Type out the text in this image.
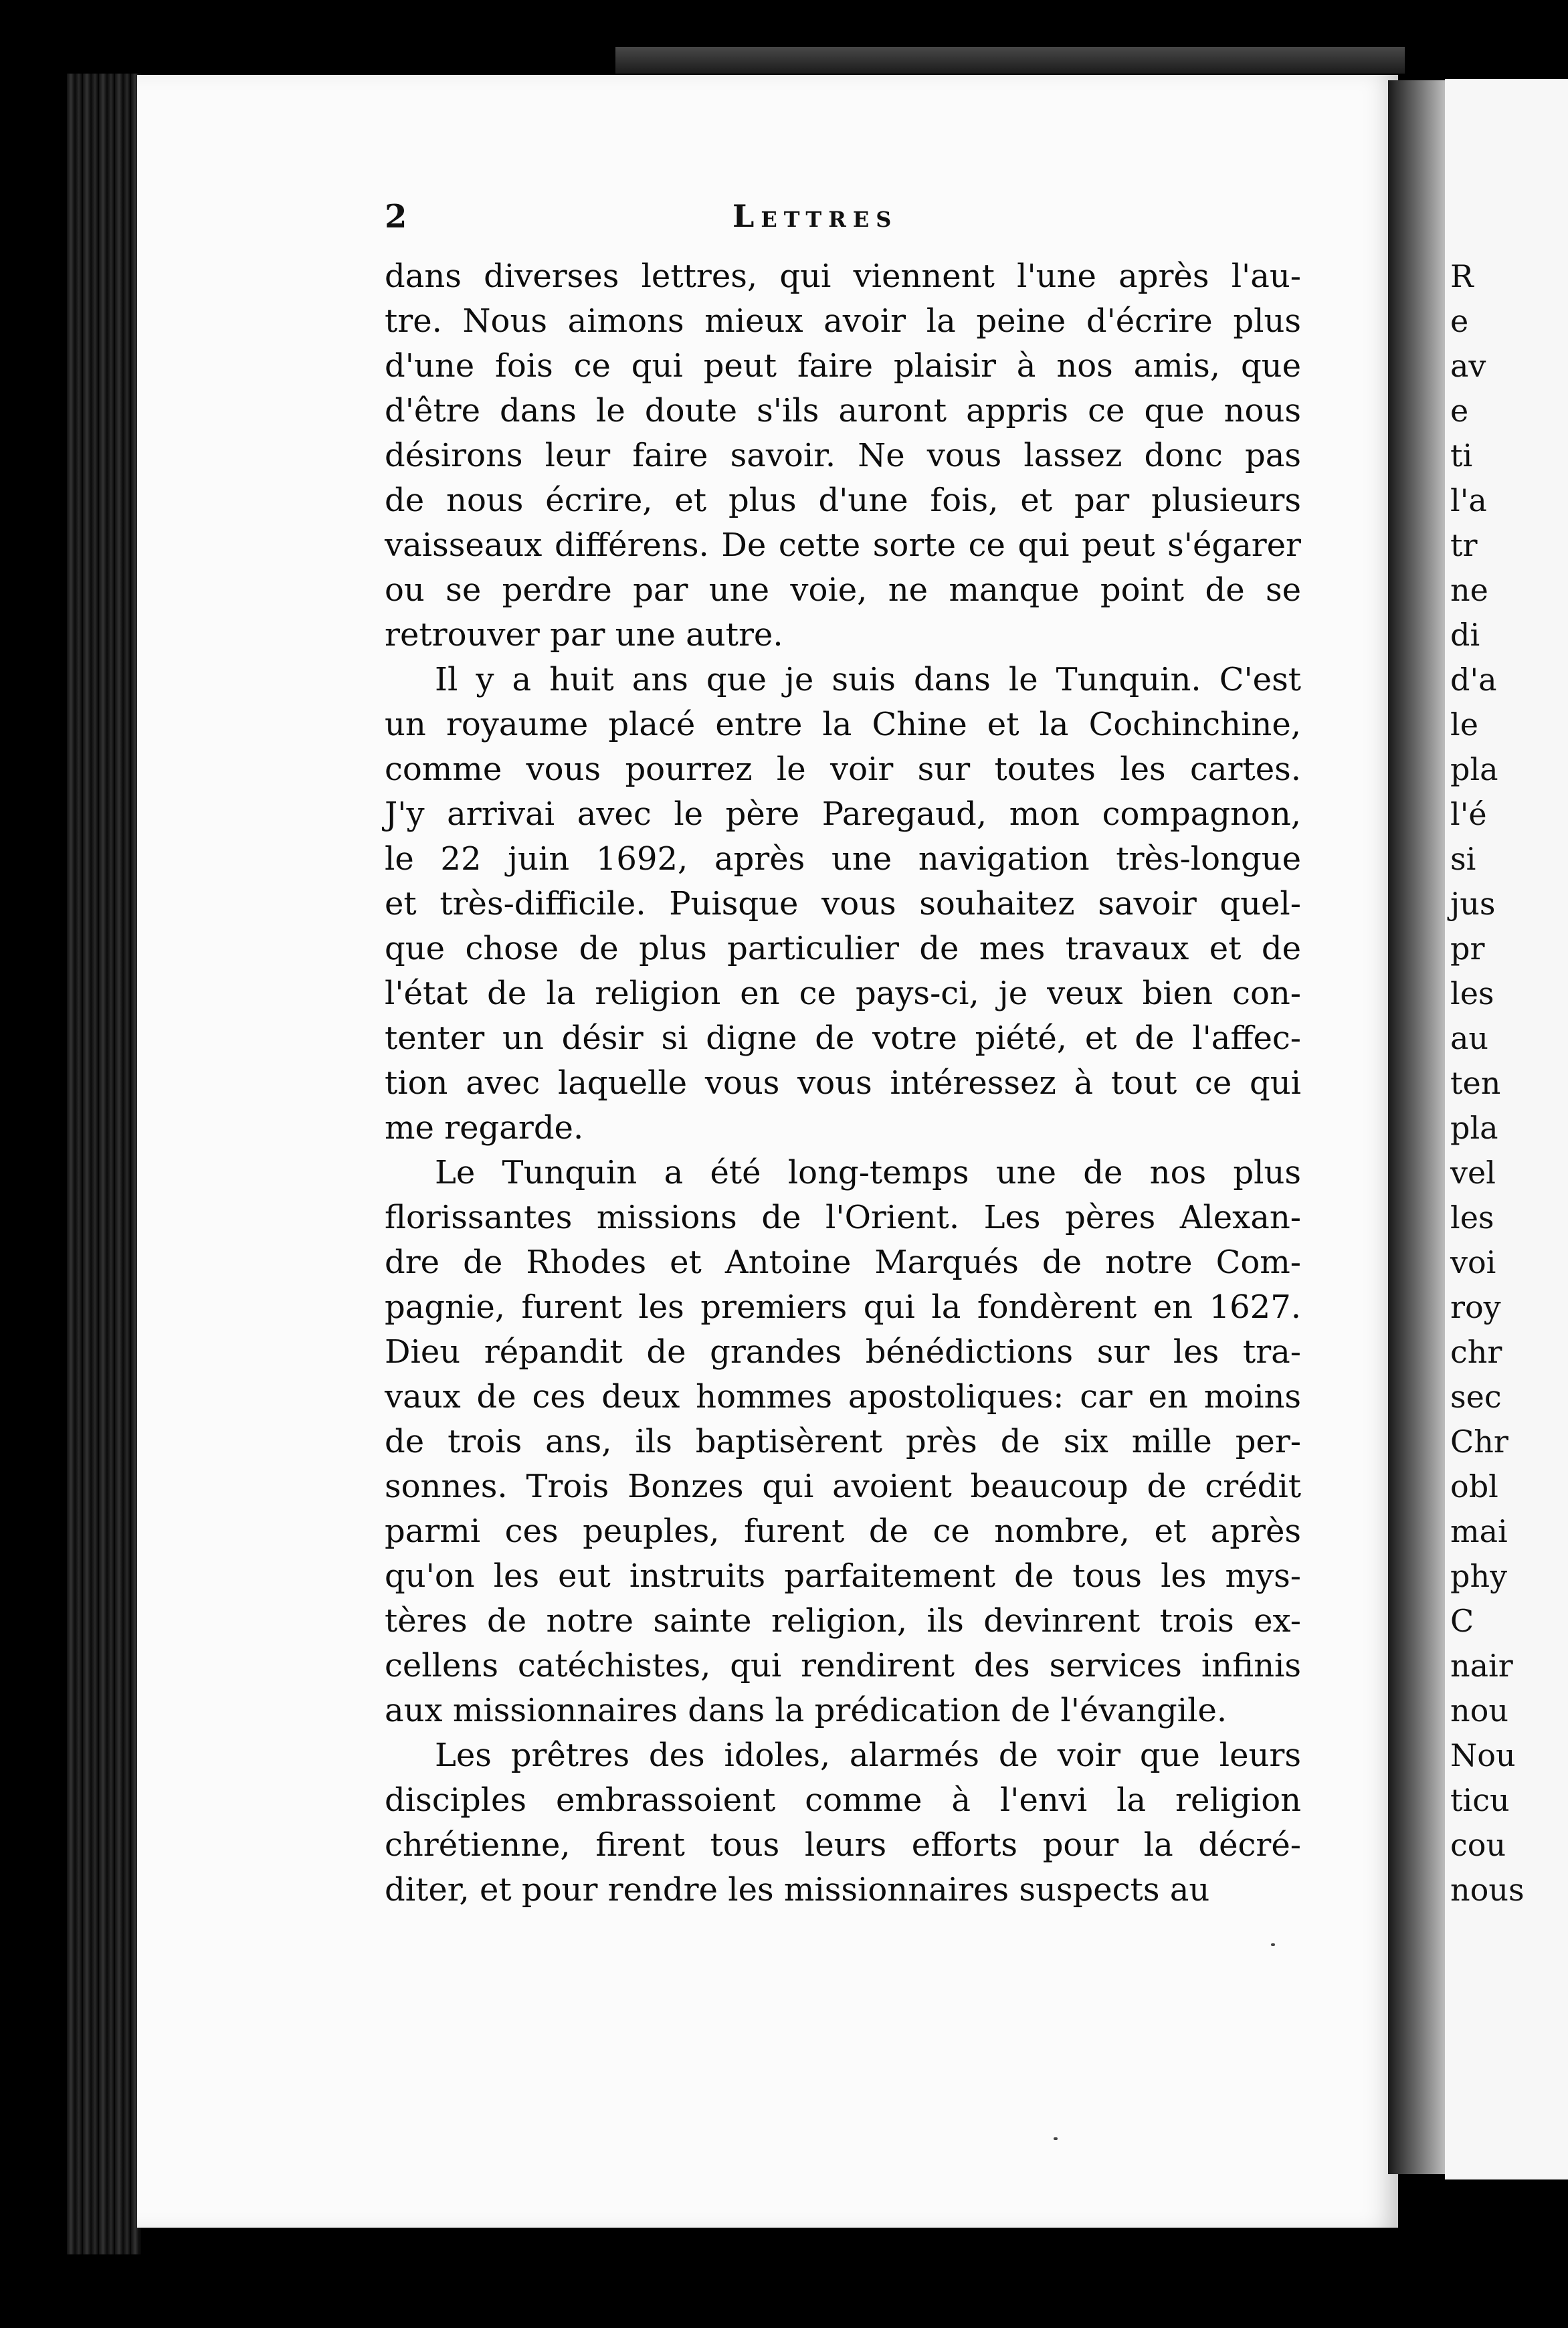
2	Lettres

dans diverses lettres, qui viennent l'une après l'au-
tre. Nous aimons mieux avoir la peine d'écrire plus
d'une fois ce qui peut faire plaisir à nos amis, que
d'être dans le doute s'ils auront appris ce que nous
désirons leur faire savoir. Ne vous lassez donc pas
de nous écrire, et plus d'une fois, et par plusieurs
vaisseaux différens. De cette sorte ce qui peut s'égarer
ou se perdre par une voie, ne manque point de se
retrouver par une autre.

Il y a huit ans que je suis dans le Tunquin. C'est
un royaume placé entre la Chine et la Cochinchine,
comme vous pourrez le voir sur toutes les cartes.
J'y arrivai avec le père Paregaud, mon compagnon,
le 22 juin 1692, après une navigation très-longue
et très-difficile. Puisque vous souhaitez savoir quel-
que chose de plus particulier de mes travaux et de
l'état de la religion en ce pays-ci, je veux bien con-
tenter un désir si digne de votre piété, et de l'affec-
tion avec laquelle vous vous intéressez à tout ce qui
me regarde.

Le Tunquin a été long-temps une de nos plus
florissantes missions de l'Orient. Les pères Alexan-
dre de Rhodes et Antoine Marqués de notre Com-
pagnie, furent les premiers qui la fondèrent en 1627.
Dieu répandit de grandes bénédictions sur les tra-
vaux de ces deux hommes apostoliques: car en moins
de trois ans, ils baptisèrent près de six mille per-
sonnes. Trois Bonzes qui avoient beaucoup de crédit
parmi ces peuples, furent de ce nombre, et après
qu'on les eut instruits parfaitement de tous les mys-
tères de notre sainte religion, ils devinrent trois ex-
cellens catéchistes, qui rendirent des services infinis
aux missionnaires dans la prédication de l'évangile.

Les prêtres des idoles, alarmés de voir que leurs
disciples embrassoient comme à l'envi la religion
chrétienne, firent tous leurs efforts pour la décré-
diter, et pour rendre les missionnaires suspects au

R
e
av
e
ti
l'a
tr
ne
di
d'a
le
pla
l'é
si
jus
pr
les
au
ten
pla
vel
les
voi
roy
chr
sec
Chr
obl
mai
phy
C
nair
nou
Nou
ticu
cou
nous
